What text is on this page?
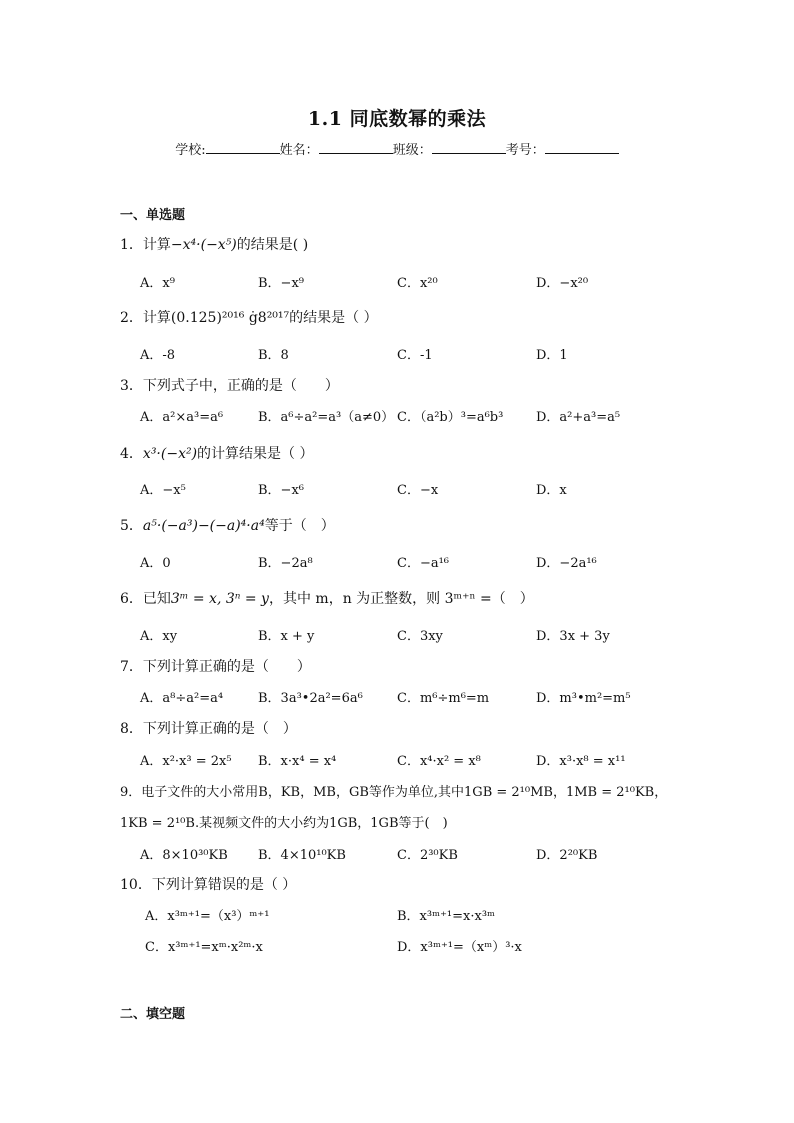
1.1 同底数幂的乘法
学校:	姓名：	班级：	考号：
一、单选题
1．计算−x⁴·(−x⁵)的结果是( )
A．x⁹	B．−x⁹	C．x²⁰	D．−x²⁰
2．计算(0.125)²⁰¹⁶ ġ8²⁰¹⁷的结果是（ ）
A．-8	B．8	C．-1	D．1
3．下列式子中，正确的是（　　）
A．a²×a³=a⁶	B．a⁶÷a²=a³（a≠0） C．（a²b）³=a⁶b³	D．a²+a³=a⁵
4．x³·(−x²)的计算结果是（ ）
A．−x⁵	B．−x⁶	C．−x	D．x
5．a⁵·(−a³)−(−a)⁴·a⁴等于（　）
A．0	B．−2a⁸	C．−a¹⁶	D．−2a¹⁶
6．已知3ᵐ = x, 3ⁿ = y，其中 m，n 为正整数，则 3ᵐ⁺ⁿ =（　）
A．xy	B．x + y	C．3xy	D．3x + 3y
7．下列计算正确的是（　　）
A．a⁸÷a²=a⁴	B．3a³•2a²=6a⁶	C．m⁶÷m⁶=m	D．m³•m²=m⁵
8．下列计算正确的是（　）
A．x²·x³ = 2x⁵ B．x·x⁴ = x⁴	C．x⁴·x² = x⁸	D．x³·x⁸ = x¹¹
9．电子文件的大小常用B，KB，MB，GB等作为单位,其中1GB = 2¹⁰MB，1MB = 2¹⁰KB，
1KB = 2¹⁰B.某视频文件的大小约为1GB，1GB等于(　)
A．8×10³⁰KB B．4×10¹⁰KB	C．2³⁰KB	D．2²⁰KB
10．下列计算错误的是（ ）
A．x³ᵐ⁺¹=（x³）ᵐ⁺¹	B．x³ᵐ⁺¹=x·x³ᵐ
C．x³ᵐ⁺¹=xᵐ·x²ᵐ·x	D．x³ᵐ⁺¹=（xᵐ）³·x
二、填空题
